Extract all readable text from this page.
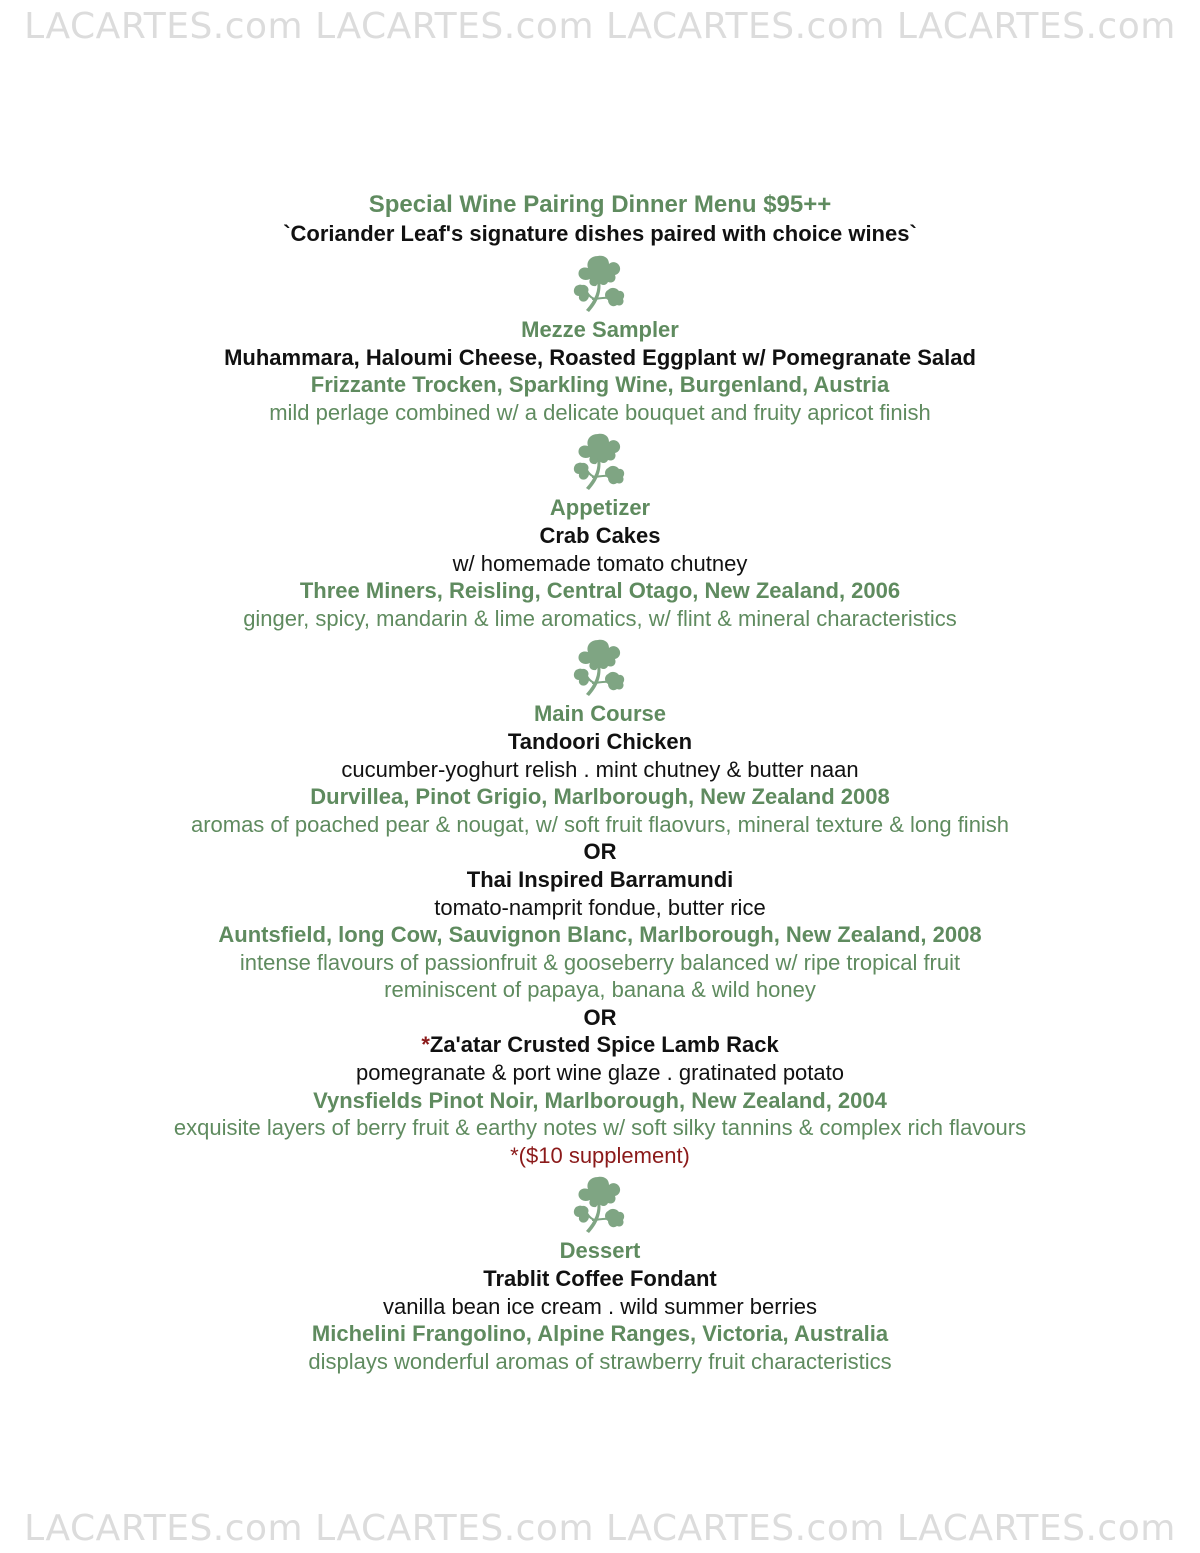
LACARTES.com LACARTES.com LACARTES.com LACARTES.com
Special Wine Pairing Dinner Menu $95++
`Coriander Leaf's signature dishes paired with choice wines`
Mezze Sampler
Muhammara, Haloumi Cheese, Roasted Eggplant w/ Pomegranate Salad
Frizzante Trocken, Sparkling Wine, Burgenland, Austria
mild perlage combined w/ a delicate bouquet and fruity apricot finish
Appetizer
Crab Cakes
w/ homemade tomato chutney
Three Miners, Reisling, Central Otago, New Zealand, 2006
ginger, spicy, mandarin & lime aromatics, w/ flint & mineral characteristics
Main Course
Tandoori Chicken
cucumber-yoghurt relish . mint chutney & butter naan
Durvillea, Pinot Grigio, Marlborough, New Zealand 2008
aromas of poached pear & nougat, w/ soft fruit flaovurs, mineral texture & long finish
OR
Thai Inspired Barramundi
tomato-namprit fondue, butter rice
Auntsfield, long Cow, Sauvignon Blanc, Marlborough, New Zealand, 2008
intense flavours of passionfruit & gooseberry balanced w/ ripe tropical fruit
reminiscent of papaya, banana & wild honey
OR
*Za'atar Crusted Spice Lamb Rack
pomegranate & port wine glaze . gratinated potato
Vynsfields Pinot Noir, Marlborough, New Zealand, 2004
exquisite layers of berry fruit & earthy notes w/ soft silky tannins & complex rich flavours
*($10 supplement)
Dessert
Trablit Coffee Fondant
vanilla bean ice cream . wild summer berries
Michelini Frangolino, Alpine Ranges, Victoria, Australia
displays wonderful aromas of strawberry fruit characteristics
LACARTES.com LACARTES.com LACARTES.com LACARTES.com
